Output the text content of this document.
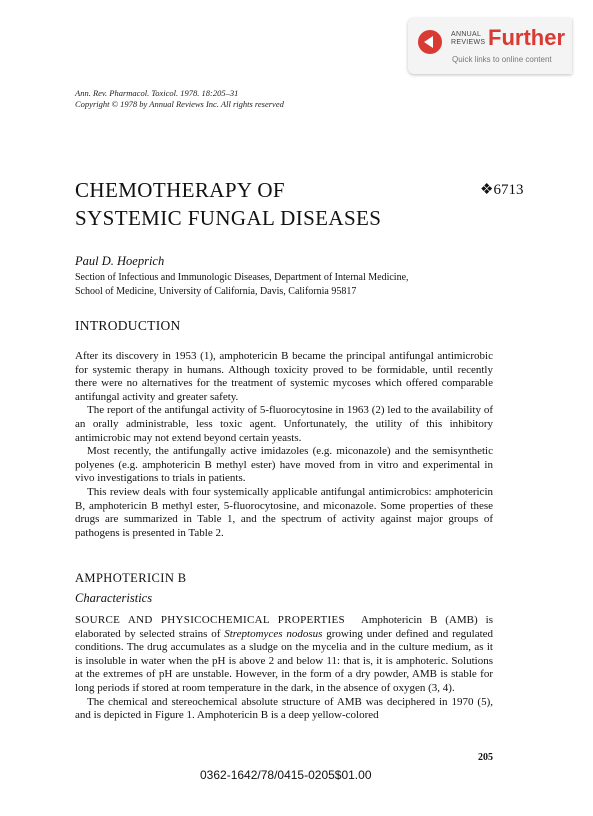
ANNUAL
REVIEWS Further
Quick links to online content
Ann. Rev. Pharmacol. Toxicol. 1978. 18:205–31
Copyright © 1978 by Annual Reviews Inc. All rights reserved
CHEMOTHERAPY OF
SYSTEMIC FUNGAL DISEASES
❖6713
Paul D. Hoeprich
Section of Infectious and Immunologic Diseases, Department of Internal Medicine,
School of Medicine, University of California, Davis, California 95817
INTRODUCTION

After its discovery in 1953 (1), amphotericin B became the principal antifungal antimicrobic for systemic therapy in humans. Although toxicity proved to be formidable, until recently there were no alternatives for the treatment of systemic mycoses which offered comparable antifungal activity and greater safety.

The report of the antifungal activity of 5-fluorocytosine in 1963 (2) led to the availability of an orally administrable, less toxic agent. Unfortunately, the utility of this inhibitory antimicrobic may not extend beyond certain yeasts.

Most recently, the antifungally active imidazoles (e.g. miconazole) and the semisynthetic polyenes (e.g. amphotericin B methyl ester) have moved from in vitro and experimental in vivo investigations to trials in patients.

This review deals with four systemically applicable antifungal antimicrobics: amphotericin B, amphotericin B methyl ester, 5-fluorocytosine, and miconazole. Some properties of these drugs are summarized in Table 1, and the spectrum of activity against major groups of pathogens is presented in Table 2.

AMPHOTERICIN B
Characteristics

SOURCE AND PHYSICOCHEMICAL PROPERTIES Amphotericin B (AMB) is elaborated by selected strains of Streptomyces nodosus growing under defined and regulated conditions. The drug accumulates as a sludge on the mycelia and in the culture medium, as it is insoluble in water when the pH is above 2 and below 11: that is, it is amphoteric. Solutions at the extremes of pH are unstable. However, in the form of a dry powder, AMB is stable for long periods if stored at room temperature in the dark, in the absence of oxygen (3, 4).

The chemical and stereochemical absolute structure of AMB was deciphered in 1970 (5), and is depicted in Figure 1. Amphotericin B is a deep yellow-colored

205
0362-1642/78/0415-0205$01.00
